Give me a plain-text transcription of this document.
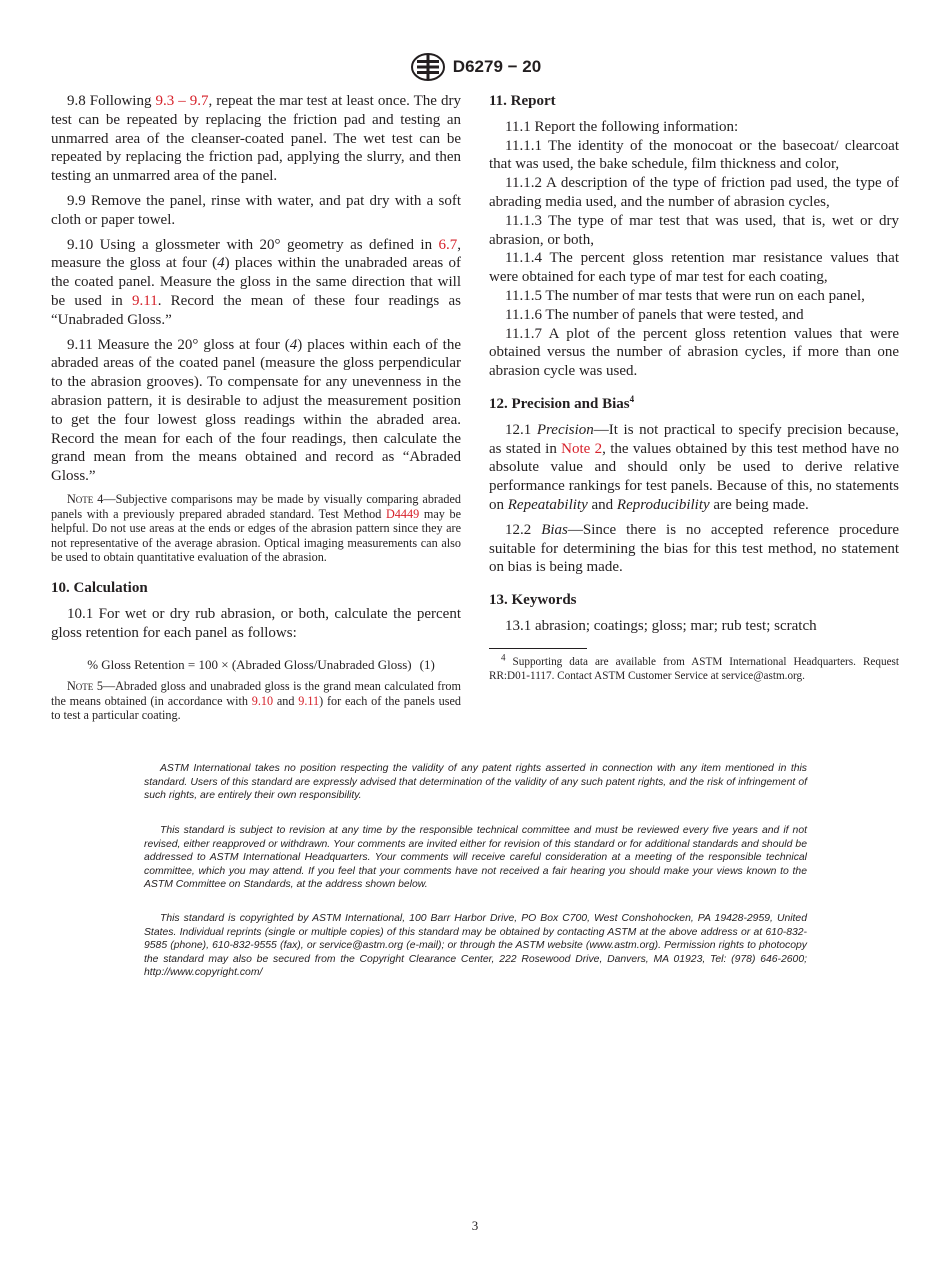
D6279 − 20

9.8 Following 9.3 – 9.7, repeat the mar test at least once. The dry test can be repeated by replacing the friction pad and testing an unmarred area of the cleanser-coated panel. The wet test can be repeated by replacing the friction pad, applying the slurry, and then testing an unmarred area of the panel.

9.9 Remove the panel, rinse with water, and pat dry with a soft cloth or paper towel.

9.10 Using a glossmeter with 20° geometry as defined in 6.7, measure the gloss at four (4) places within the unabraded areas of the coated panel. Measure the gloss in the same direction that will be used in 9.11. Record the mean of these four readings as “Unabraded Gloss.”

9.11 Measure the 20° gloss at four (4) places within each of the abraded areas of the coated panel (measure the gloss perpendicular to the abrasion grooves). To compensate for any unevenness in the abrasion pattern, it is desirable to adjust the measurement position to get the four lowest gloss readings within the abraded area. Record the mean for each of the four readings, then calculate the grand mean from the means obtained and record as “Abraded Gloss.”

Note 4—Subjective comparisons may be made by visually comparing abraded panels with a previously prepared abraded standard. Test Method D4449 may be helpful. Do not use areas at the ends or edges of the abrasion pattern since they are not representative of the average abrasion. Optical imaging measurements can also be used to obtain quantitative evaluation of the abrasion.

10. Calculation

10.1 For wet or dry rub abrasion, or both, calculate the percent gloss retention for each panel as follows:

% Gloss Retention = 100 × (Abraded Gloss/Unabraded Gloss) (1)

Note 5—Abraded gloss and unabraded gloss is the grand mean calculated from the means obtained (in accordance with 9.10 and 9.11) for each of the panels used to test a particular coating.

11. Report

11.1 Report the following information:

11.1.1 The identity of the monocoat or the basecoat/ clearcoat that was used, the bake schedule, film thickness and color,

11.1.2 A description of the type of friction pad used, the type of abrading media used, and the number of abrasion cycles,

11.1.3 The type of mar test that was used, that is, wet or dry abrasion, or both,

11.1.4 The percent gloss retention mar resistance values that were obtained for each type of mar test for each coating,

11.1.5 The number of mar tests that were run on each panel,

11.1.6 The number of panels that were tested, and

11.1.7 A plot of the percent gloss retention values that were obtained versus the number of abrasion cycles, if more than one abrasion cycle was used.

12. Precision and Bias$^4$

12.1 Precision—It is not practical to specify precision because, as stated in Note 2, the values obtained by this test method have no absolute value and should only be used to derive relative performance rankings for test panels. Because of this, no statements on Repeatability and Reproducibility are being made.

12.2 Bias—Since there is no accepted reference procedure suitable for determining the bias for this test method, no statement on bias is being made.

13. Keywords

13.1 abrasion; coatings; gloss; mar; rub test; scratch

$^4$ Supporting data are available from ASTM International Headquarters. Request RR:D01-1117. Contact ASTM Customer Service at service@astm.org.

ASTM International takes no position respecting the validity of any patent rights asserted in connection with any item mentioned in this standard. Users of this standard are expressly advised that determination of the validity of any such patent rights, and the risk of infringement of such rights, are entirely their own responsibility.

This standard is subject to revision at any time by the responsible technical committee and must be reviewed every five years and if not revised, either reapproved or withdrawn. Your comments are invited either for revision of this standard or for additional standards and should be addressed to ASTM International Headquarters. Your comments will receive careful consideration at a meeting of the responsible technical committee, which you may attend. If you feel that your comments have not received a fair hearing you should make your views known to the ASTM Committee on Standards, at the address shown below.

This standard is copyrighted by ASTM International, 100 Barr Harbor Drive, PO Box C700, West Conshohocken, PA 19428-2959, United States. Individual reprints (single or multiple copies) of this standard may be obtained by contacting ASTM at the above address or at 610-832-9585 (phone), 610-832-9555 (fax), or service@astm.org (e-mail); or through the ASTM website (www.astm.org). Permission rights to photocopy the standard may also be secured from the Copyright Clearance Center, 222 Rosewood Drive, Danvers, MA 01923, Tel: (978) 646-2600; http://www.copyright.com/

3
